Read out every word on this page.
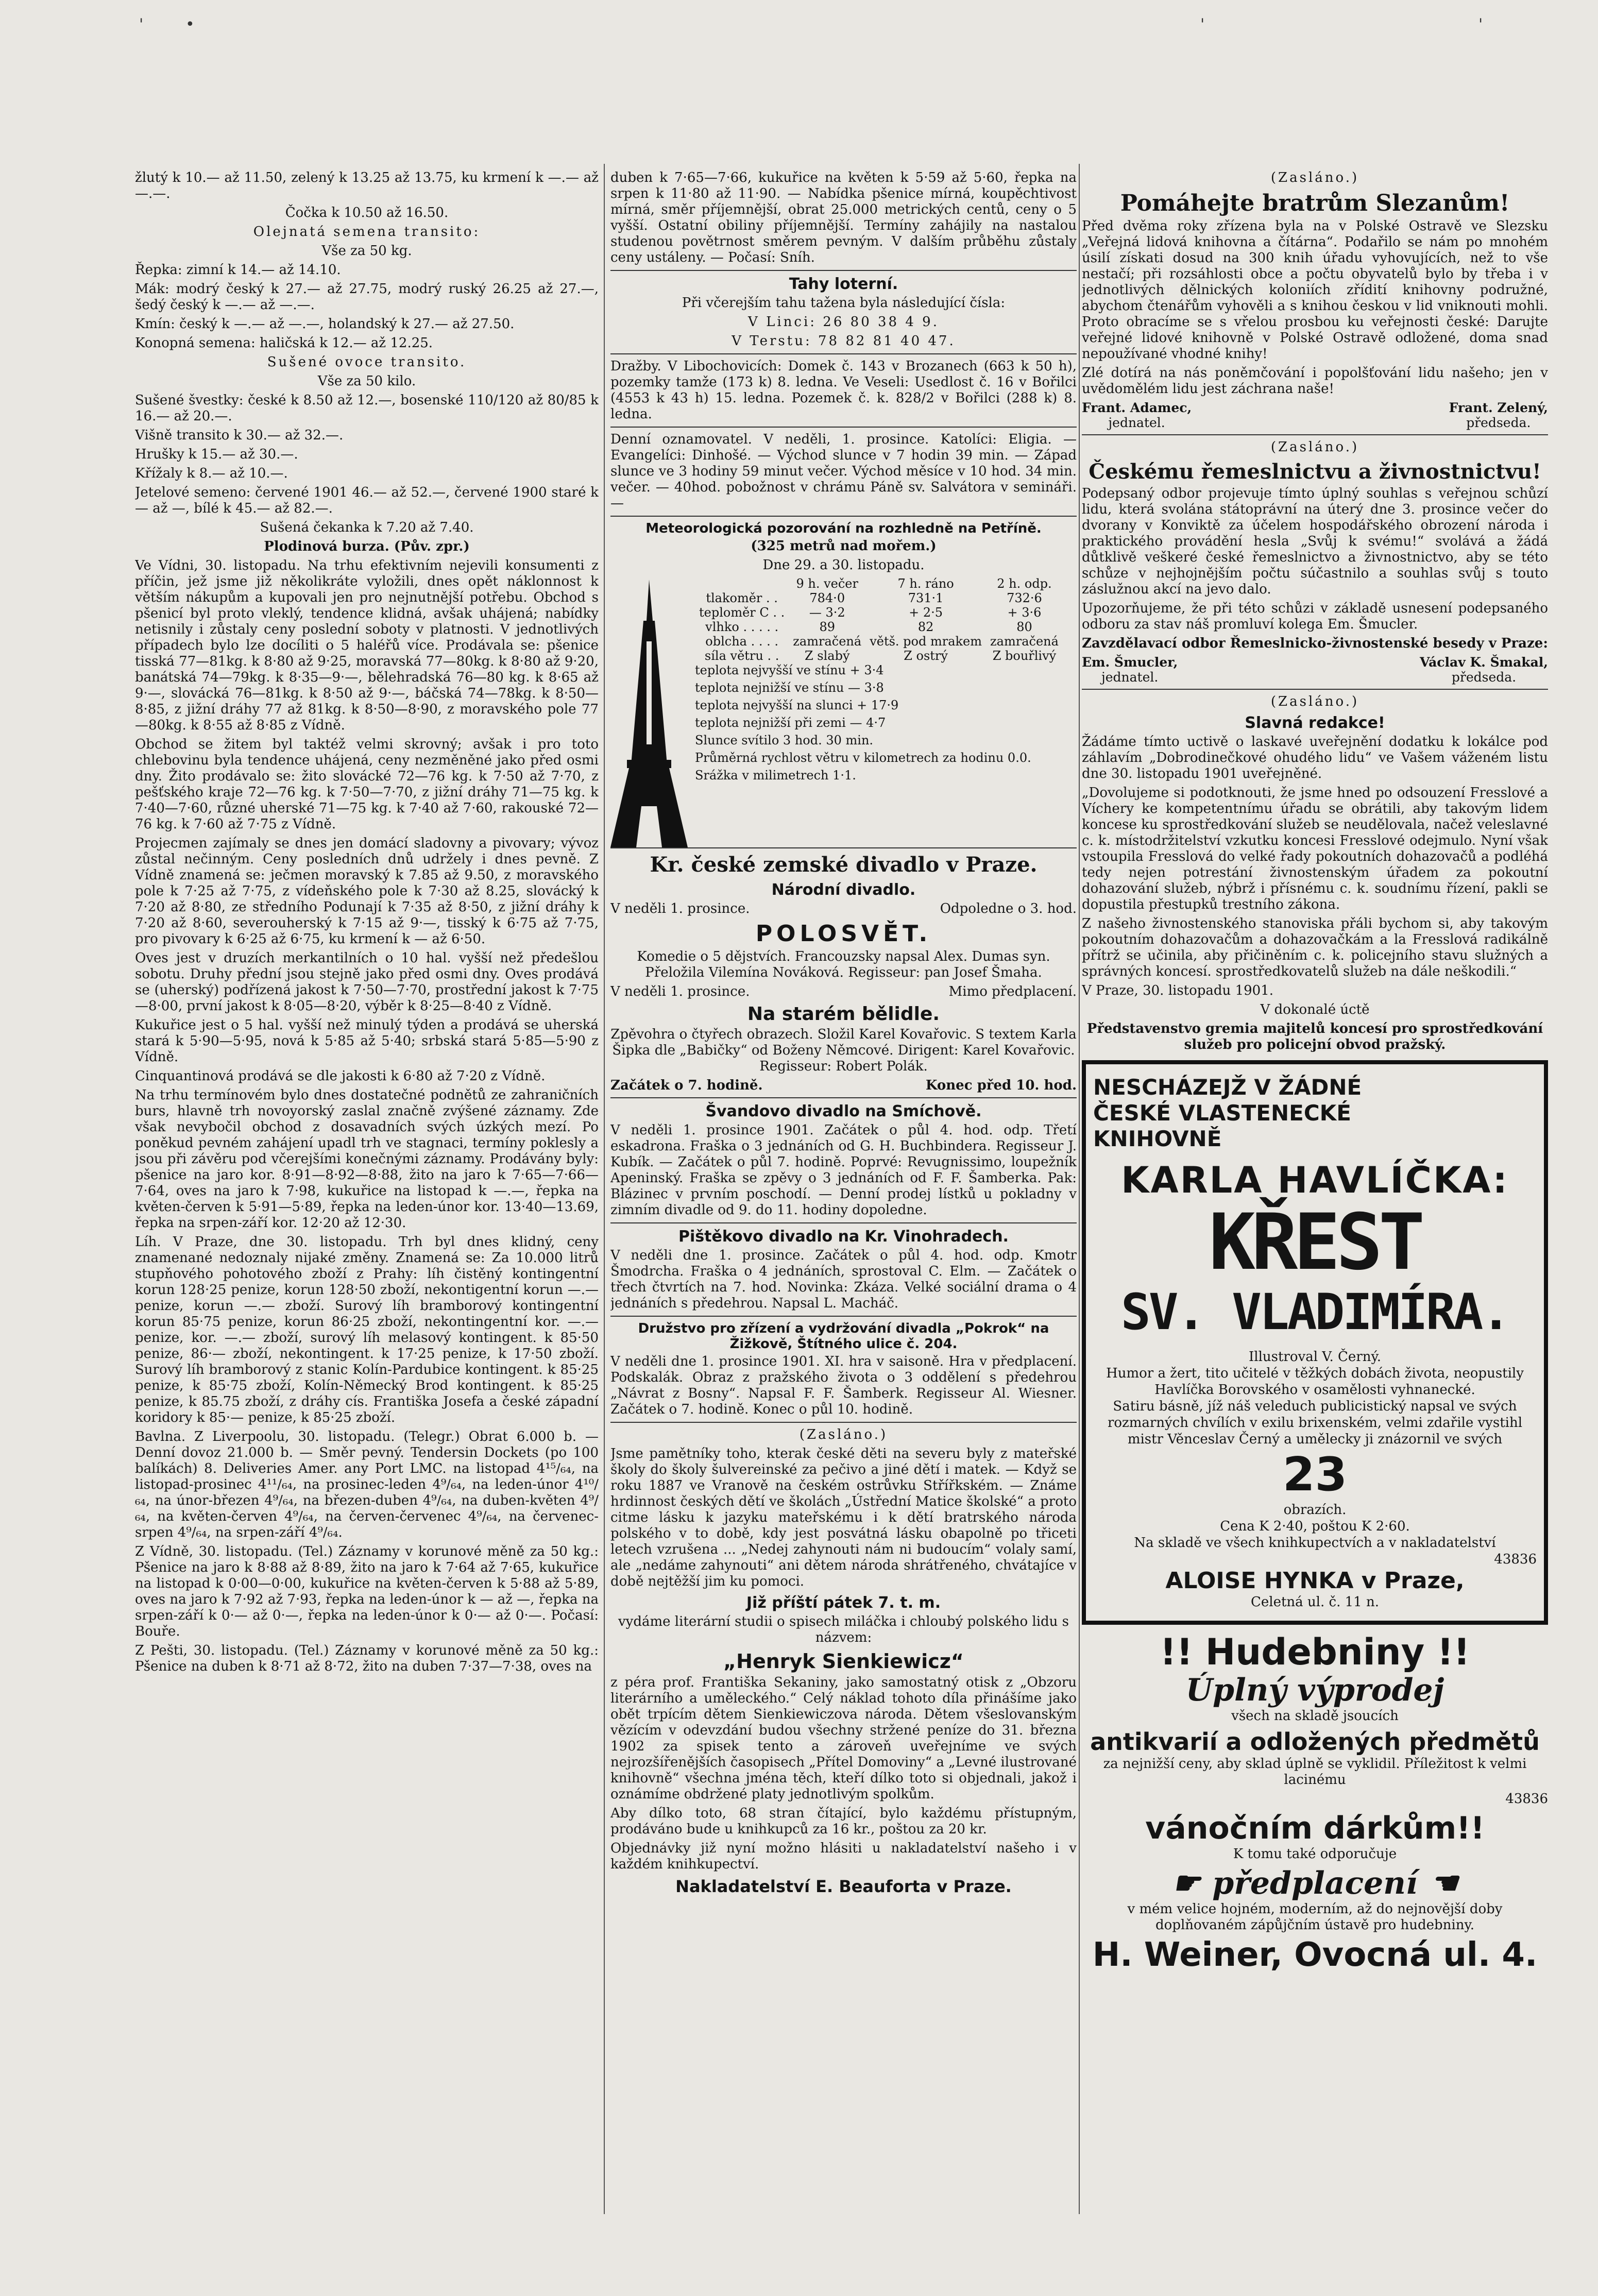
'	•	'	'

žlutý k 10.— až 11.50, zelený k 13.25 až 13.75, ku krmení k —.— až —.—.

Čočka k 10.50 až 16.50.

Olejnatá semena transito:

Vše za 50 kg.

Řepka: zimní k 14.— až 14.10.

Mák: modrý český k 27.— až 27.75, modrý ruský 26.25 až 27.—, šedý český k —.— až —.—.

Kmín: český k —.— až —.—, holandský k 27.— až 27.50.

Konopná semena: haličská k 12.— až 12.25.

Sušené ovoce transito.

Vše za 50 kilo.

Sušené švestky: české k 8.50 až 12.—, bosenské 110/120 až 80/85 k 16.— až 20.—.

Višně transito k 30.— až 32.—.

Hrušky k 15.— až 30.—.

Křížaly k 8.— až 10.—.

Jetelové semeno: červené 1901 46.— až 52.—, červené 1900 staré k — až —, bílé k 45.— až 82.—.

Sušená čekanka k 7.20 až 7.40.

Plodinová burza. (Pův. zpr.)

Ve Vídni, 30. listopadu. Na trhu efektivním nejevili konsumenti z příčin, jež jsme již několikráte vyložili, dnes opět náklonnost k větším nákupům a kupovali jen pro nejnutnější potřebu. Obchod s pšenicí byl proto vleklý, tendence klidná, avšak uhájená; nabídky netisnily i zůstaly ceny poslední soboty v platnosti. V jednotlivých případech bylo lze docíliti o 5 haléřů více. Prodávala se: pšenice tisská 77—81kg. k 8·80 až 9·25, moravská 77—80kg. k 8·80 až 9·20, banátská 74—79kg. k 8·35—9·—, bělehradská 76—80 kg. k 8·65 až 9·—, slovácká 76—81kg. k 8·50 až 9·—, báčská 74—78kg. k 8·50—8·85, z jižní dráhy 77 až 81kg. k 8·50—8·90, z moravského pole 77—80kg. k 8·55 až 8·85 z Vídně.

Obchod se žitem byl taktéž velmi skrovný; avšak i pro toto chlebovinu byla tendence uhájená, ceny nezměněné jako před osmi dny. Žito prodávalo se: žito slovácké 72—76 kg. k 7·50 až 7·70, z pešťského kraje 72—76 kg. k 7·50—7·70, z jižní dráhy 71—75 kg. k 7·40—7·60, různé uherské 71—75 kg. k 7·40 až 7·60, rakouské 72—76 kg. k 7·60 až 7·75 z Vídně.

Projecmen zajímaly se dnes jen domácí sladovny a pivovary; vývoz zůstal nečinným. Ceny posledních dnů udržely i dnes pevně. Z Vídně znamená se: ječmen moravský k 7.85 až 9.50, z moravského pole k 7·25 až 7·75, z vídeňského pole k 7·30 až 8.25, slovácký k 7·20 až 8·80, ze středního Podunají k 7·35 až 8·50, z jižní dráhy k 7·20 až 8·60, severouherský k 7·15 až 9·—, tisský k 6·75 až 7·75, pro pivovary k 6·25 až 6·75, ku krmení k — až 6·50.

Oves jest v druzích merkantilních o 10 hal. vyšší než předešlou sobotu. Druhy přední jsou stejně jako před osmi dny. Oves prodává se (uherský) podřízená jakost k 7·50—7·70, prostřední jakost k 7·75—8·00, první jakost k 8·05—8·20, výběr k 8·25—8·40 z Vídně.

Kukuřice jest o 5 hal. vyšší než minulý týden a prodává se uherská stará k 5·90—5·95, nová k 5·85 až 5·40; srbská stará 5·85—5·90 z Vídně.

Cinquantinová prodává se dle jakosti k 6·80 až 7·20 z Vídně.

Na trhu termínovém bylo dnes dostatečné podnětů ze zahraničních burs, hlavně trh novoyorský zaslal značně zvýšené záznamy. Zde však nevybočil obchod z dosavadních svých úzkých mezí. Po poněkud pevném zahájení upadl trh ve stagnaci, termíny poklesly a jsou při závěru pod včerejšími konečnými záznamy. Prodávány byly: pšenice na jaro kor. 8·91—8·92—8·88, žito na jaro k 7·65—7·66—7·64, oves na jaro k 7·98, kukuřice na listopad k —.—, řepka na květen-červen k 5·91—5·89, řepka na leden-únor kor. 13·40—13.69, řepka na srpen-září kor. 12·20 až 12·30.

Líh. V Praze, dne 30. listopadu. Trh byl dnes klidný, ceny znamenané nedoznaly nijaké změny. Znamená se: Za 10.000 litrů stupňového pohotového zboží z Prahy: líh čistěný kontingentní korun 128·25 penize, korun 128·50 zboží, nekontigentní korun —.— penize, korun —.— zboží. Surový líh bramborový kontingentní korun 85·75 penize, korun 86·25 zboží, nekontingentní kor. —.— penize, kor. —.— zboží, surový líh melasový kontingent. k 85·50 penize, 86·— zboží, nekontingent. k 17·25 penize, k 17·50 zboží. Surový líh bramborový z stanic Kolín-Pardubice kontingent. k 85·25 penize, k 85·75 zboží, Kolín-Německý Brod kontingent. k 85·25 penize, k 85.75 zboží, z dráhy cís. Františka Josefa a české západní koridory k 85·— penize, k 85·25 zboží.

Bavlna. Z Liverpoolu, 30. listopadu. (Telegr.) Obrat 6.000 b. — Denní dovoz 21.000 b. — Směr pevný. Tendersin Dockets (po 100 balíkách) 8. Deliveries Amer. any Port LMC. na listopad 4¹⁵/₆₄, na listopad-prosinec 4¹¹/₆₄, na prosinec-leden 4⁹/₆₄, na leden-únor 4¹⁰/₆₄, na únor-březen 4⁹/₆₄, na březen-duben 4⁹/₆₄, na duben-květen 4⁹/₆₄, na květen-červen 4⁹/₆₄, na červen-červenec 4⁹/₆₄, na červenec-srpen 4⁹/₆₄, na srpen-září 4⁹/₆₄.

Z Vídně, 30. listopadu. (Tel.) Záznamy v korunové měně za 50 kg.: Pšenice na jaro k 8·88 až 8·89, žito na jaro k 7·64 až 7·65, kukuřice na listopad k 0·00—0·00, kukuřice na květen-červen k 5·88 až 5·89, oves na jaro k 7·92 až 7·93, řepka na leden-únor k — až —, řepka na srpen-září k 0·— až 0·—, řepka na leden-únor k 0·— až 0·—. Počasí: Bouře.

Z Pešti, 30. listopadu. (Tel.) Záznamy v korunové měně za 50 kg.: Pšenice na duben k 8·71 až 8·72, žito na duben 7·37—7·38, oves na

duben k 7·65—7·66, kukuřice na květen k 5·59 až 5·60, řepka na srpen k 11·80 až 11·90. — Nabídka pšenice mírná, koupěchtivost mírná, směr příjemnější, obrat 25.000 metrických centů, ceny o 5 vyšší. Ostatní obiliny příjemnější. Termíny zahájily na nastalou studenou povětrnost směrem pevným. V dalším průběhu zůstaly ceny ustáleny. — Počasí: Sníh.

Tahy loterní.

Při včerejším tahu tažena byla následující čísla:

V Linci: 26 80 38 4 9.

V Terstu: 78 82 81 40 47.

Dražby. V Libochovicích: Domek č. 143 v Brozanech (663 k 50 h), pozemky tamže (173 k) 8. ledna. Ve Veseli: Usedlost č. 16 v Bořilci (4553 k 43 h) 15. ledna. Pozemek č. k. 828/2 v Bořilci (288 k) 8. ledna.

Denní oznamovatel. V neděli, 1. prosince. Katolíci: Eligia. — Evangelíci: Dinhošé. — Východ slunce v 7 hodin 39 min. — Západ slunce ve 3 hodiny 59 minut večer. Východ měsíce v 10 hod. 34 min. večer. — 40hod. pobožnost v chrámu Páně sv. Salvátora v semináři. —

Meteorologická pozorování na rozhledně na Petříně.

(325 metrů nad mořem.)

Dne 29. a 30. listopadu.

	9 h. večer	7 h. ráno	2 h. odp.
tlakoměr . .	784·0	731·1	732·6
teploměr C . .	— 3·2	+ 2·5	+ 3·6
vlhko . . . . .	89	82	80
oblcha . . . .	zamračená	větš. pod mrakem	zamračená
síla větru . .	Z slabý	Z ostrý	Z bouřlivý
teplota nejvyšší ve stínu + 3·4
teplota nejnižší ve stínu — 3·8
teplota nejvyšší na slunci + 17·9
teplota nejnižší při zemi — 4·7
Slunce svítilo 3 hod. 30 min.
Průměrná rychlost větru v kilometrech za hodinu 0.0.
Srážka v milimetrech 1·1.
Kr. české zemské divadlo v Praze.
Národní divadlo.
V neděli 1. prosince.	Odpoledne o 3. hod.
POLOSVĚT.

Komedie o 5 dějstvích. Francouzsky napsal Alex. Dumas syn. Přeložila Vilemína Nováková. Regisseur: pan Josef Šmaha.

V neděli 1. prosince.	Mimo předplacení.
Na starém bělidle.

Zpěvohra o čtyřech obrazech. Složil Karel Kovařovic. S textem Karla Šipka dle „Babičky“ od Boženy Němcové. Dirigent: Karel Kovařovic. Regisseur: Robert Polák.

Začátek o 7. hodině.	Konec před 10. hod.
Švandovo divadlo na Smíchově.

V neděli 1. prosince 1901. Začátek o půl 4. hod. odp. Třetí eskadrona. Fraška o 3 jednáních od G. H. Buchbindera. Regisseur J. Kubík. — Začátek o půl 7. hodině. Poprvé: Revugnissimo, loupežník Apeninský. Fraška se zpěvy o 3 jednáních od F. F. Šamberka. Pak: Blázinec v prvním poschodí. — Denní prodej lístků u pokladny v zimním divadle od 9. do 11. hodiny dopoledne.

Pištěkovo divadlo na Kr. Vinohradech.

V neděli dne 1. prosince. Začátek o půl 4. hod. odp. Kmotr Šmodrcha. Fraška o 4 jednáních, sprostoval C. Elm. — Začátek o třech čtvrtích na 7. hod. Novinka: Zkáza. Velké sociální drama o 4 jednáních s předehrou. Napsal L. Macháč.

Družstvo pro zřízení a vydržování divadla „Pokrok“ na Žižkově, Štítného ulice č. 204.

V neděli dne 1. prosince 1901. XI. hra v saisoně. Hra v předplacení. Podskalák. Obraz z pražského života o 3 oddělení s předehrou „Návrat z Bosny“. Napsal F. F. Šamberk. Regisseur Al. Wiesner. Začátek o 7. hodině. Konec o půl 10. hodině.

(Zasláno.)

Jsme pamětníky toho, kterak české děti na severu byly z mateřské školy do školy šulvereinské za pečivo a jiné dětí i matek. — Když se roku 1887 ve Vranově na českém ostrůvku Střířkském. — Známe hrdinnost českých dětí ve školách „Ústřední Matice školské“ a proto citme lásku k jazyku mateřskému i k dětí bratrského národa polského v to době, kdy jest posvátná lásku obapolně po třiceti letech vzrušena ... „Nedej zahynouti nám ni budoucím“ volaly samí, ale „nedáme zahynouti“ ani dětem národa shrátřeného, chvátajíce v době nejtěžší jim ku pomoci.

Již příští pátek 7. t. m.

vydáme literární studii o spisech miláčka i chloubý polského lidu s názvem:

„Henryk Sienkiewicz“

z péra prof. Františka Sekaniny, jako samostatný otisk z „Obzoru literárního a uměleckého.“ Celý náklad tohoto díla přinášíme jako obět trpícím dětem Sienkiewiczova národa. Dětem všeslovanským vězícím v odevzdání budou všechny stržené peníze do 31. března 1902 za spisek tento a zároveň uveřejníme ve svých nejrozšířenějších časopisech „Přítel Domoviny“ a „Levné ilustrované knihovně“ všechna jména těch, kteří dílko toto si objednali, jakož i oznámíme obdržené platy jednotlivým spolkům.

Aby dílko toto, 68 stran čítající, bylo každému přístupným, prodáváno bude u knihkupců za 16 kr., poštou za 20 kr.

Objednávky již nyní možno hlásiti u nakladatelství našeho i v každém knihkupectví.

Nakladatelství E. Beauforta v Praze.

(Zasláno.)

Pomáhejte bratrům Slezanům!

Před dvěma roky zřízena byla na v Polské Ostravě ve Slezsku „Veřejná lidová knihovna a čítárna“. Podařilo se nám po mnohém úsilí získati dosud na 300 knih úřadu vyhovujících, než to vše nestačí; při rozsáhlosti obce a počtu obyvatelů bylo by třeba i v jednotlivých dělnických koloniích zřídití knihovny podružné, abychom čtenářům vyhověli a s knihou českou v lid vniknouti mohli. Proto obracíme se s vřelou prosbou ku veřejnosti české: Darujte veřejné lidové knihovně v Polské Ostravě odložené, doma snad nepoužívané vhodné knihy!

Zlé dotírá na nás poněmčování i popolšťování lidu našeho; jen v uvědomělém lidu jest záchrana naše!

Frant. Adamec,
jednatel.
Frant. Zelený,
předseda.

(Zasláno.)

Českému řemeslnictvu a živnostnictvu!

Podepsaný odbor projevuje tímto úplný souhlas s veřejnou schůzí lidu, která svolána státoprávní na úterý dne 3. prosince večer do dvorany v Konviktě za účelem hospodářského obrození národa i praktického provádění hesla „Svůj k svému!“ svolává a žádá důtklivě veškeré české řemeslnictvo a živnostnictvo, aby se této schůze v nejhojnějším počtu súčastnilo a souhlas svůj s touto záslužnou akcí na jevo dalo.

Upozorňujeme, že při této schůzi v základě usnesení podepsaného odboru za stav náš promluví kolega Em. Šmucler.

Zavzdělavací odbor Řemeslnicko-živnostenské besedy v Praze:

Em. Šmucler,
jednatel.
Václav K. Šmakal,
předseda.

(Zasláno.)

Slavná redakce!

Žádáme tímto uctivě o laskavé uveřejnění dodatku k lokálce pod záhlavím „Dobrodinečkové ohudého lidu“ ve Vašem váženém listu dne 30. listopadu 1901 uveřejněné.

„Dovolujeme si podotknouti, že jsme hned po odsouzení Fresslové a Víchery ke kompetentnímu úřadu se obrátili, aby takovým lidem koncese ku sprostředkování služeb se neudělovala, načež veleslavné c. k. místodržitelství vzkutku koncesi Fresslové odejmulo. Nyní však vstoupila Fresslová do velké řady pokoutních dohazovačů a podléhá tedy nejen potrestání živnostenským úřadem za pokoutní dohazování služeb, nýbrž i přísnému c. k. soudnímu řízení, pakli se dopustila přestupků trestního zákona.

Z našeho živnostenského stanoviska přáli bychom si, aby takovým pokoutním dohazovačům a dohazovačkám a la Fresslová radikálně přítrž se učinila, aby přičiněním c. k. policejního stavu služných a správných koncesí. sprostředkovatelů služeb na dále neškodili.“

V Praze, 30. listopadu 1901.

V dokonalé úctě

Představenstvo gremia majitelů koncesí pro sprostředkování služeb pro policejní obvod pražský.

NESCHÁZEJŽ V ŽÁDNÉ
ČESKÉ VLASTENECKÉ
KNIHOVNĚ
KARLA HAVLÍČKA:
KŘEST
SV. VLADIMÍRA.
Illustroval V. Černý.
Humor a žert, tito učitelé v těžkých dobách života, neopustily Havlíčka Borovského v osamělosti vyhnanecké.
Satiru básně, jíž náš veleduch publicistický napsal ve svých rozmarných chvílích v exilu brixenském, velmi zdařile vystihl mistr Věnceslav Černý a umělecky ji znázornil ve svých
23
obrazích.
Cena K 2·40, poštou K 2·60.
Na skladě ve všech knihkupectvích a v nakladatelství
43836
ALOISE HYNKA v Praze,
Celetná ul. č. 11 n.
!! Hudebniny !!
Úplný výprodej

všech na skladě jsoucích

antikvarií a odložených předmětů

za nejnižší ceny, aby sklad úplně se vyklidil. Příležitost k velmi lacinému

43836

vánočním dárkům!!

K tomu také odporučuje

☛ předplacení ☚

v mém velice hojném, moderním, až do nejnovější doby doplňovaném zápůjčním ústavě pro hudebniny.

H. Weiner, Ovocná ul. 4.
